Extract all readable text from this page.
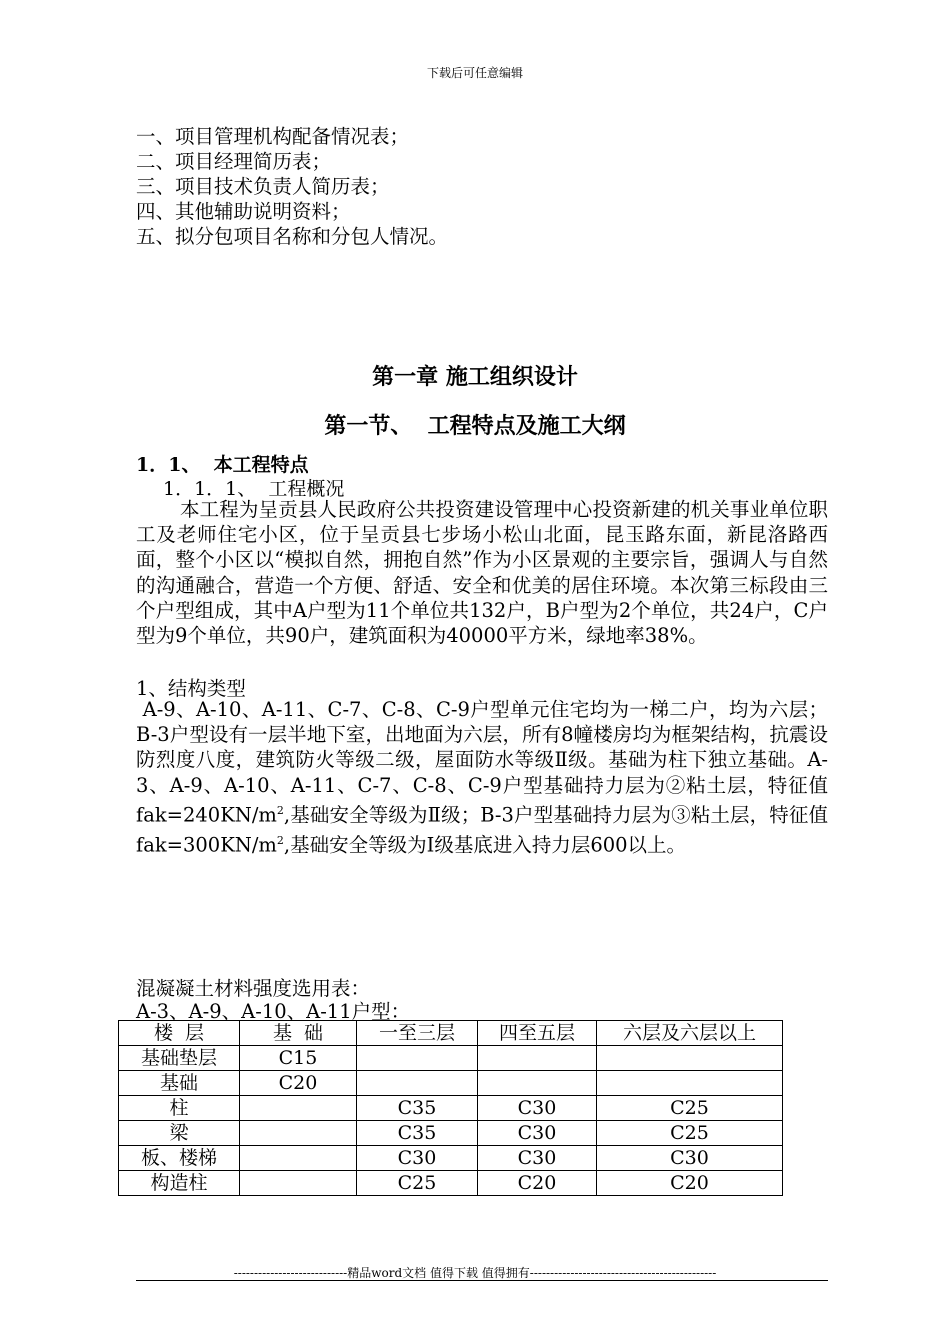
下载后可任意编辑
一、项目管理机构配备情况表；
二、项目经理简历表；
三、项目技术负责人简历表；
四、其他辅助说明资料；
五、拟分包项目名称和分包人情况。
第一章 施工组织设计
第一节、  工程特点及施工大纲
1．1、  本工程特点
1．1．1、  工程概况
本工程为呈贡县人民政府公共投资建设管理中心投资新建的机关事业单位职工及老师住宅小区，位于呈贡县七步场小松山北面，昆玉路东面，新昆洛路西面，整个小区以“模拟自然，拥抱自然”作为小区景观的主要宗旨，强调人与自然的沟通融合，营造一个方便、舒适、安全和优美的居住环境。本次第三标段由三个户型组成，其中A户型为11个单位共132户，B户型为2个单位，共24户，C户型为9个单位，共90户，建筑面积为40000平方米，绿地率38%。
1、结构类型
A-9、A-10、A-11、C-7、C-8、C-9户型单元住宅均为一梯二户，均为六层；B-3户型设有一层半地下室，出地面为六层，所有8幢楼房均为框架结构，抗震设防烈度八度，建筑防火等级二级，屋面防水等级Ⅱ级。基础为柱下独立基础。A-3、A-9、A-10、A-11、C-7、C-8、C-9户型基础持力层为②粘土层，特征值$fak=240KN/m^2$,基础安全等级为Ⅱ级；B-3户型基础持力层为③粘土层，特征值$fak=300KN/m^2$,基础安全等级为Ⅰ级基底进入持力层600以上。
混凝凝土材料强度选用表：
A-3、A-9、A-10、A-11户型：
楼  层	基  础	一至三层	四至五层	六层及六层以上
基础垫层	C15			
基础	C20			
柱		C35	C30	C25
梁		C35	C30	C25
板、楼梯		C30	C30	C30
构造柱		C25	C20	C20
----------------------------精品word文档 值得下载 值得拥有----------------------------------------------
